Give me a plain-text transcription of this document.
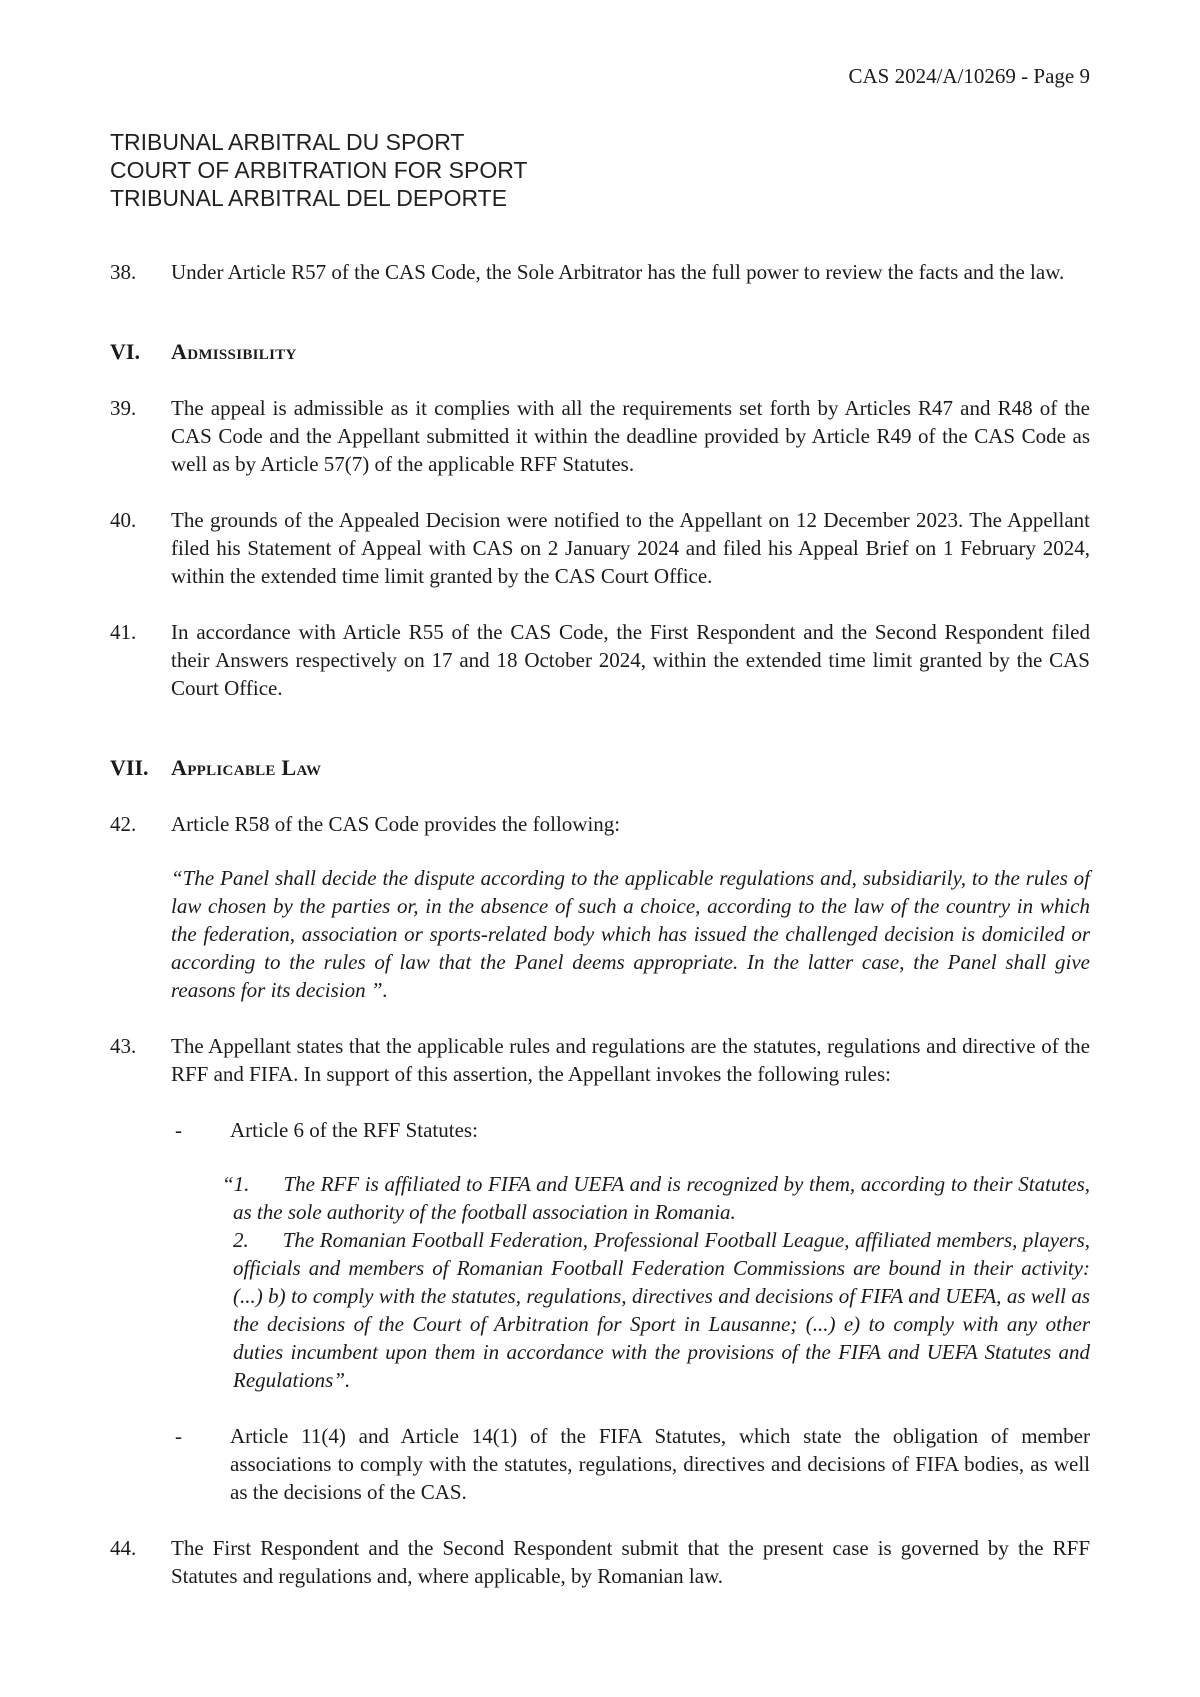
CAS 2024/A/10269 - Page 9
TRIBUNAL ARBITRAL DU SPORT
COURT OF ARBITRATION FOR SPORT
TRIBUNAL ARBITRAL DEL DEPORTE
38.	Under Article R57 of the CAS Code, the Sole Arbitrator has the full power to review the facts and the law.
VI.	Admissibility
39.	The appeal is admissible as it complies with all the requirements set forth by Articles R47 and R48 of the CAS Code and the Appellant submitted it within the deadline provided by Article R49 of the CAS Code as well as by Article 57(7) of the applicable RFF Statutes.
40.	The grounds of the Appealed Decision were notified to the Appellant on 12 December 2023. The Appellant filed his Statement of Appeal with CAS on 2 January 2024 and filed his Appeal Brief on 1 February 2024, within the extended time limit granted by the CAS Court Office.
41.	In accordance with Article R55 of the CAS Code, the First Respondent and the Second Respondent filed their Answers respectively on 17 and 18 October 2024, within the extended time limit granted by the CAS Court Office.
VII.	Applicable Law
42.	Article R58 of the CAS Code provides the following:
“The Panel shall decide the dispute according to the applicable regulations and, subsidiarily, to the rules of law chosen by the parties or, in the absence of such a choice, according to the law of the country in which the federation, association or sports-related body which has issued the challenged decision is domiciled or according to the rules of law that the Panel deems appropriate. In the latter case, the Panel shall give reasons for its decision ”.
43.	The Appellant states that the applicable rules and regulations are the statutes, regulations and directive of the RFF and FIFA. In support of this assertion, the Appellant invokes the following rules:
-	Article 6 of the RFF Statutes:

“1. The RFF is affiliated to FIFA and UEFA and is recognized by them, according to their Statutes, as the sole authority of the football association in Romania.

2. The Romanian Football Federation, Professional Football League, affiliated members, players, officials and members of Romanian Football Federation Commissions are bound in their activity: (...) b) to comply with the statutes, regulations, directives and decisions of FIFA and UEFA, as well as the decisions of the Court of Arbitration for Sport in Lausanne; (...) e) to comply with any other duties incumbent upon them in accordance with the provisions of the FIFA and UEFA Statutes and Regulations”.

-	Article 11(4) and Article 14(1) of the FIFA Statutes, which state the obligation of member associations to comply with the statutes, regulations, directives and decisions of FIFA bodies, as well as the decisions of the CAS.
44.	The First Respondent and the Second Respondent submit that the present case is governed by the RFF Statutes and regulations and, where applicable, by Romanian law.
